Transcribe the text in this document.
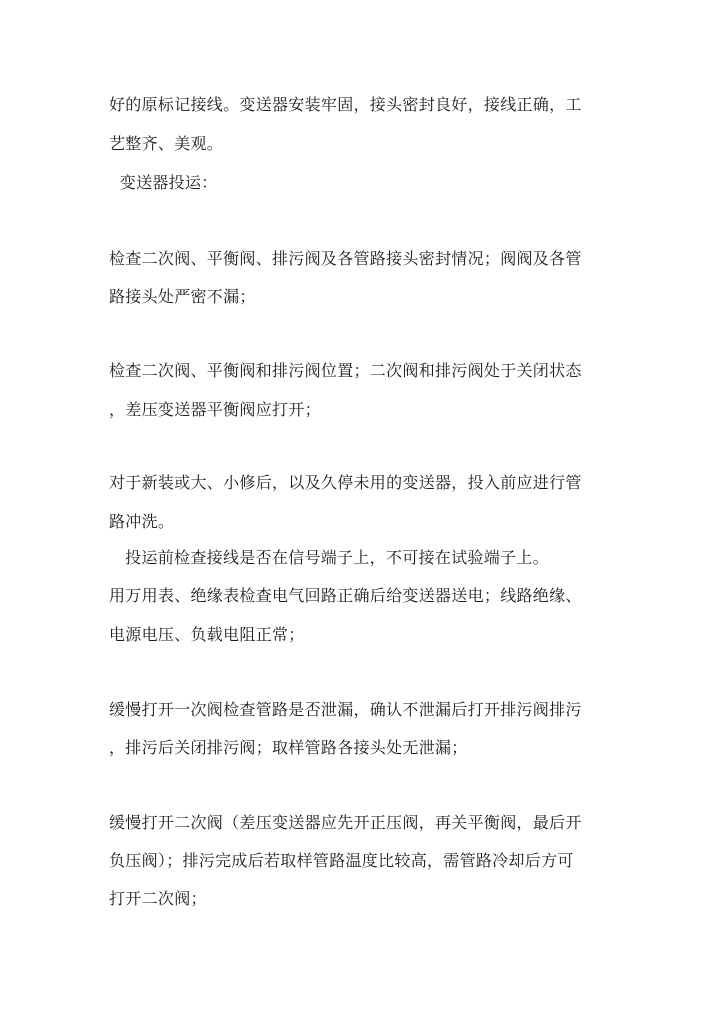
好的原标记接线。变送器安装牢固，接头密封良好，接线正确，工
艺整齐、美观。
变送器投运：
检查二次阀、平衡阀、排污阀及各管路接头密封情况；阀阀及各管
路接头处严密不漏；
检查二次阀、平衡阀和排污阀位置；二次阀和排污阀处于关闭状态
，差压变送器平衡阀应打开；
对于新装或大、小修后，以及久停未用的变送器，投入前应进行管
路冲洗。
投运前检查接线是否在信号端子上，不可接在试验端子上。
用万用表、绝缘表检查电气回路正确后给变送器送电；线路绝缘、
电源电压、负载电阻正常；
缓慢打开一次阀检查管路是否泄漏，确认不泄漏后打开排污阀排污
，排污后关闭排污阀；取样管路各接头处无泄漏；
缓慢打开二次阀（差压变送器应先开正压阀，再关平衡阀，最后开
负压阀）；排污完成后若取样管路温度比较高，需管路冷却后方可
打开二次阀；
